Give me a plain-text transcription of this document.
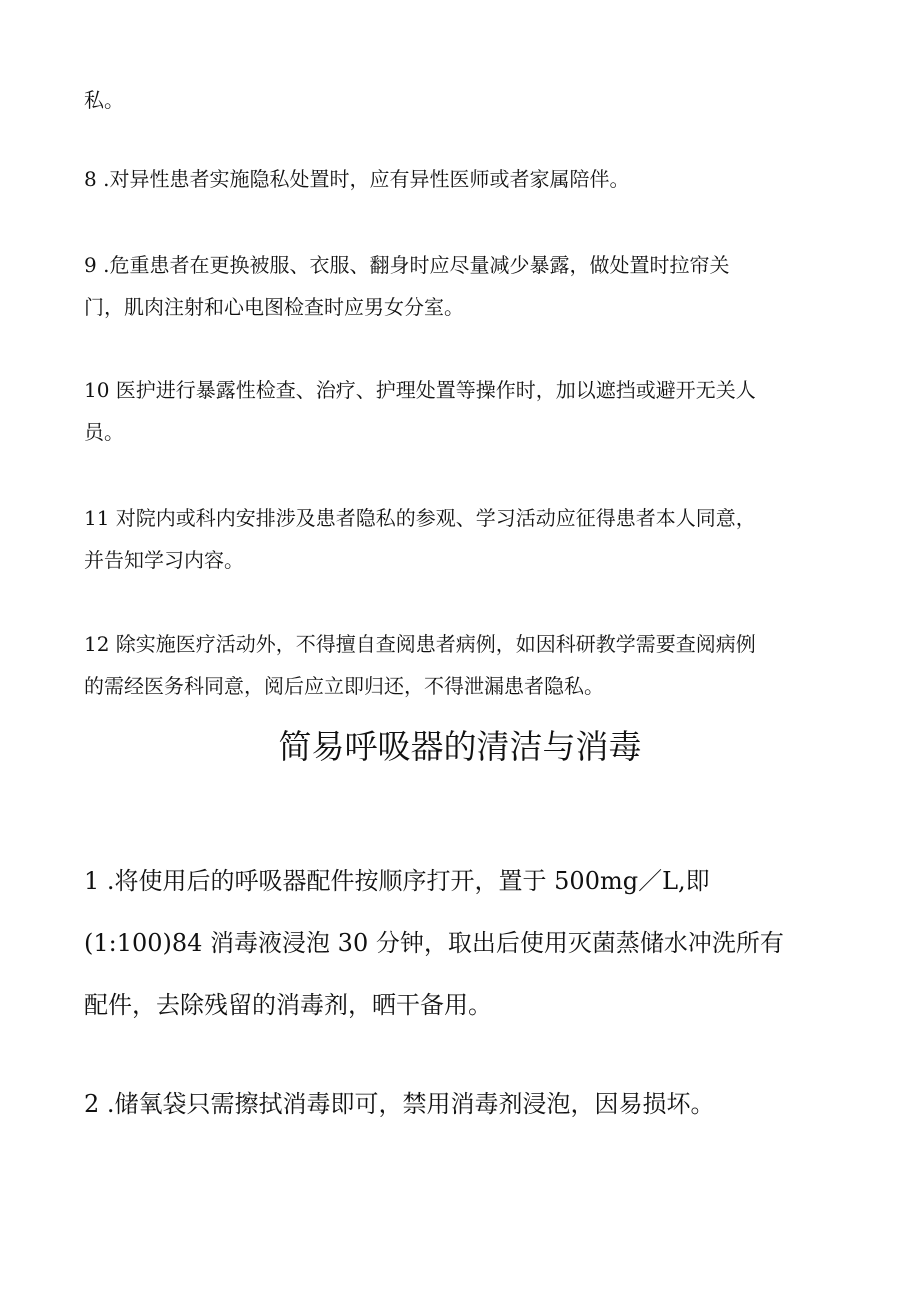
私。

8 .对异性患者实施隐私处置时，应有异性医师或者家属陪伴。

9 .危重患者在更换被服、衣服、翻身时应尽量减少暴露，做处置时拉帘关
门，肌肉注射和心电图检查时应男女分室。

10 医护进行暴露性检查、治疗、护理处置等操作时，加以遮挡或避开无关人
员。

11 对院内或科内安排涉及患者隐私的参观、学习活动应征得患者本人同意，
并告知学习内容。

12 除实施医疗活动外，不得擅自查阅患者病例，如因科研教学需要查阅病例
的需经医务科同意，阅后应立即归还，不得泄漏患者隐私。

简易呼吸器的清洁与消毒

1 .将使用后的呼吸器配件按顺序打开，置于 500mg／L,即
(1:100)84 消毒液浸泡 30 分钟，取出后使用灭菌蒸储水冲洗所有
配件，去除残留的消毒剂，晒干备用。

2 .储氧袋只需擦拭消毒即可，禁用消毒剂浸泡，因易损坏。
